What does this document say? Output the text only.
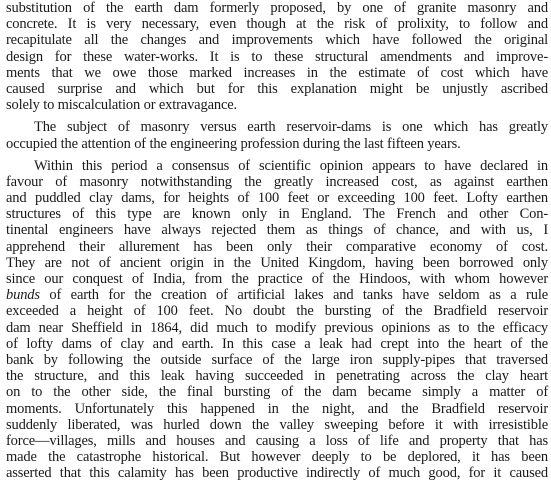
substitution of the earth dam formerly proposed, by one of granite masonry and
concrete. It is very necessary, even though at the risk of prolixity, to follow and
recapitulate all the changes and improvements which have followed the original
design for these water-works. It is to these structural amendments and improve-
ments that we owe those marked increases in the estimate of cost which have
caused surprise and which but for this explanation might be unjustly ascribed
solely to miscalculation or extravagance.
The subject of masonry versus earth reservoir-dams is one which has greatly
occupied the attention of the engineering profession during the last fifteen years.
Within this period a consensus of scientific opinion appears to have declared in
favour of masonry notwithstanding the greatly increased cost, as against earthen
and puddled clay dams, for heights of 100 feet or exceeding 100 feet. Lofty earthen
structures of this type are known only in England. The French and other Con-
tinental engineers have always rejected them as things of chance, and with us, I
apprehend their allurement has been only their comparative economy of cost.
They are not of ancient origin in the United Kingdom, having been borrowed only
since our conquest of India, from the practice of the Hindoos, with whom however
bunds of earth for the creation of artificial lakes and tanks have seldom as a rule
exceeded a height of 100 feet. No doubt the bursting of the Bradfield reservoir
dam near Sheffield in 1864, did much to modify previous opinions as to the efficacy
of lofty dams of clay and earth. In this case a leak had crept into the heart of the
bank by following the outside surface of the large iron supply-pipes that traversed
the structure, and this leak having succeeded in penetrating across the clay heart
on to the other side, the final bursting of the dam became simply a matter of
moments. Unfortunately this happened in the night, and the Bradfield reservoir
suddenly liberated, was hurled down the valley sweeping before it with irresistible
force—villages, mills and houses and causing a loss of life and property that has
made the catastrophe historical. But however deeply to be deplored, it has been
asserted that this calamity has been productive indirectly of much good, for it caused
